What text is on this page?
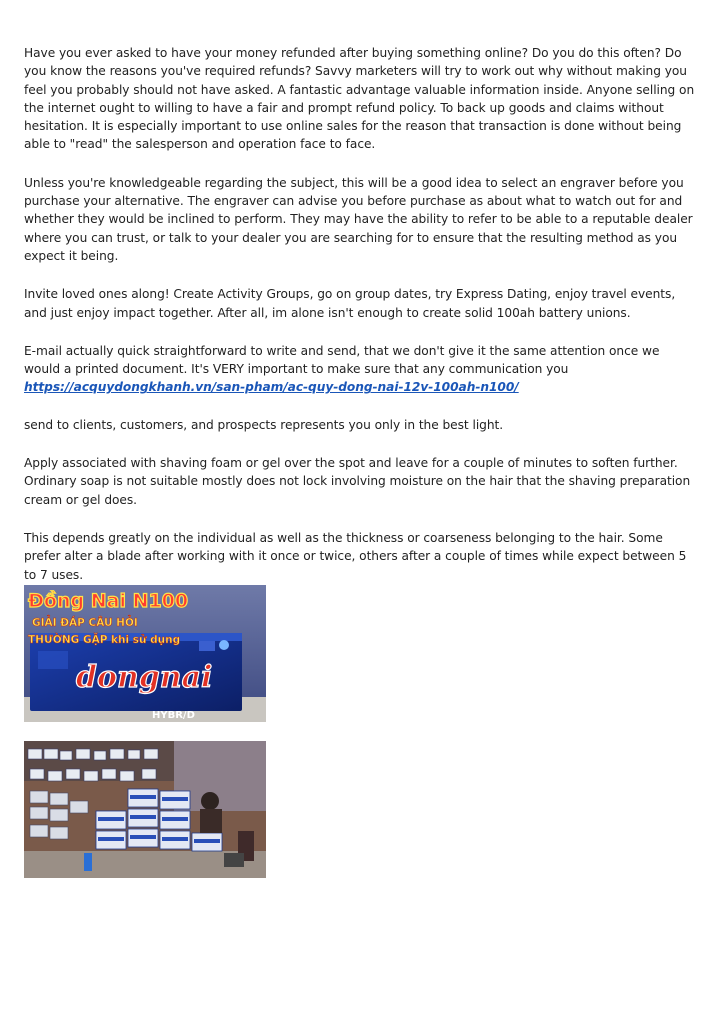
Have you ever asked to have your money refunded after buying something online? Do you do this often? Do you know the reasons you've required refunds? Savvy marketers will try to work out why without making you feel you probably should not have asked. A fantastic advantage valuable information inside. Anyone selling on the internet ought to willing to have a fair and prompt refund policy. To back up goods and claims without hesitation. It is especially important to use online sales for the reason that transaction is done without being able to "read" the salesperson and operation face to face.

Unless you're knowledgeable regarding the subject, this will be a good idea to select an engraver before you purchase your alternative. The engraver can advise you before purchase as about what to watch out for and whether they would be inclined to perform. They may have the ability to refer to be able to a reputable dealer where you can trust, or talk to your dealer you are searching for to ensure that the resulting method as you expect it being.

Invite loved ones along! Create Activity Groups, go on group dates, try Express Dating, enjoy travel events, and just enjoy impact together. After all, im alone isn't enough to create solid 100ah battery unions.

E-mail actually quick straightforward to write and send, that we don't give it the same attention once we would a printed document. It's VERY important to make sure that any communication you
https://acquydongkhanh.vn/san-pham/ac-quy-dong-nai-12v-100ah-n100/

send to clients, customers, and prospects represents you only in the best light.

Apply associated with shaving foam or gel over the spot and leave for a couple of minutes to soften further. Ordinary soap is not suitable mostly does not lock involving moisture on the hair that the shaving preparation cream or gel does.

This depends greatly on the individual as well as the thickness or coarseness belonging to the hair. Some prefer alter a blade after working with it once or twice, others after a couple of times while expect between 5 to 7 uses.

Đồng Nai N100
GIẢI ĐÁP CÂU HỎI
THƯỜNG GẶP khi sử dụng
dongnai
HYBR/D
